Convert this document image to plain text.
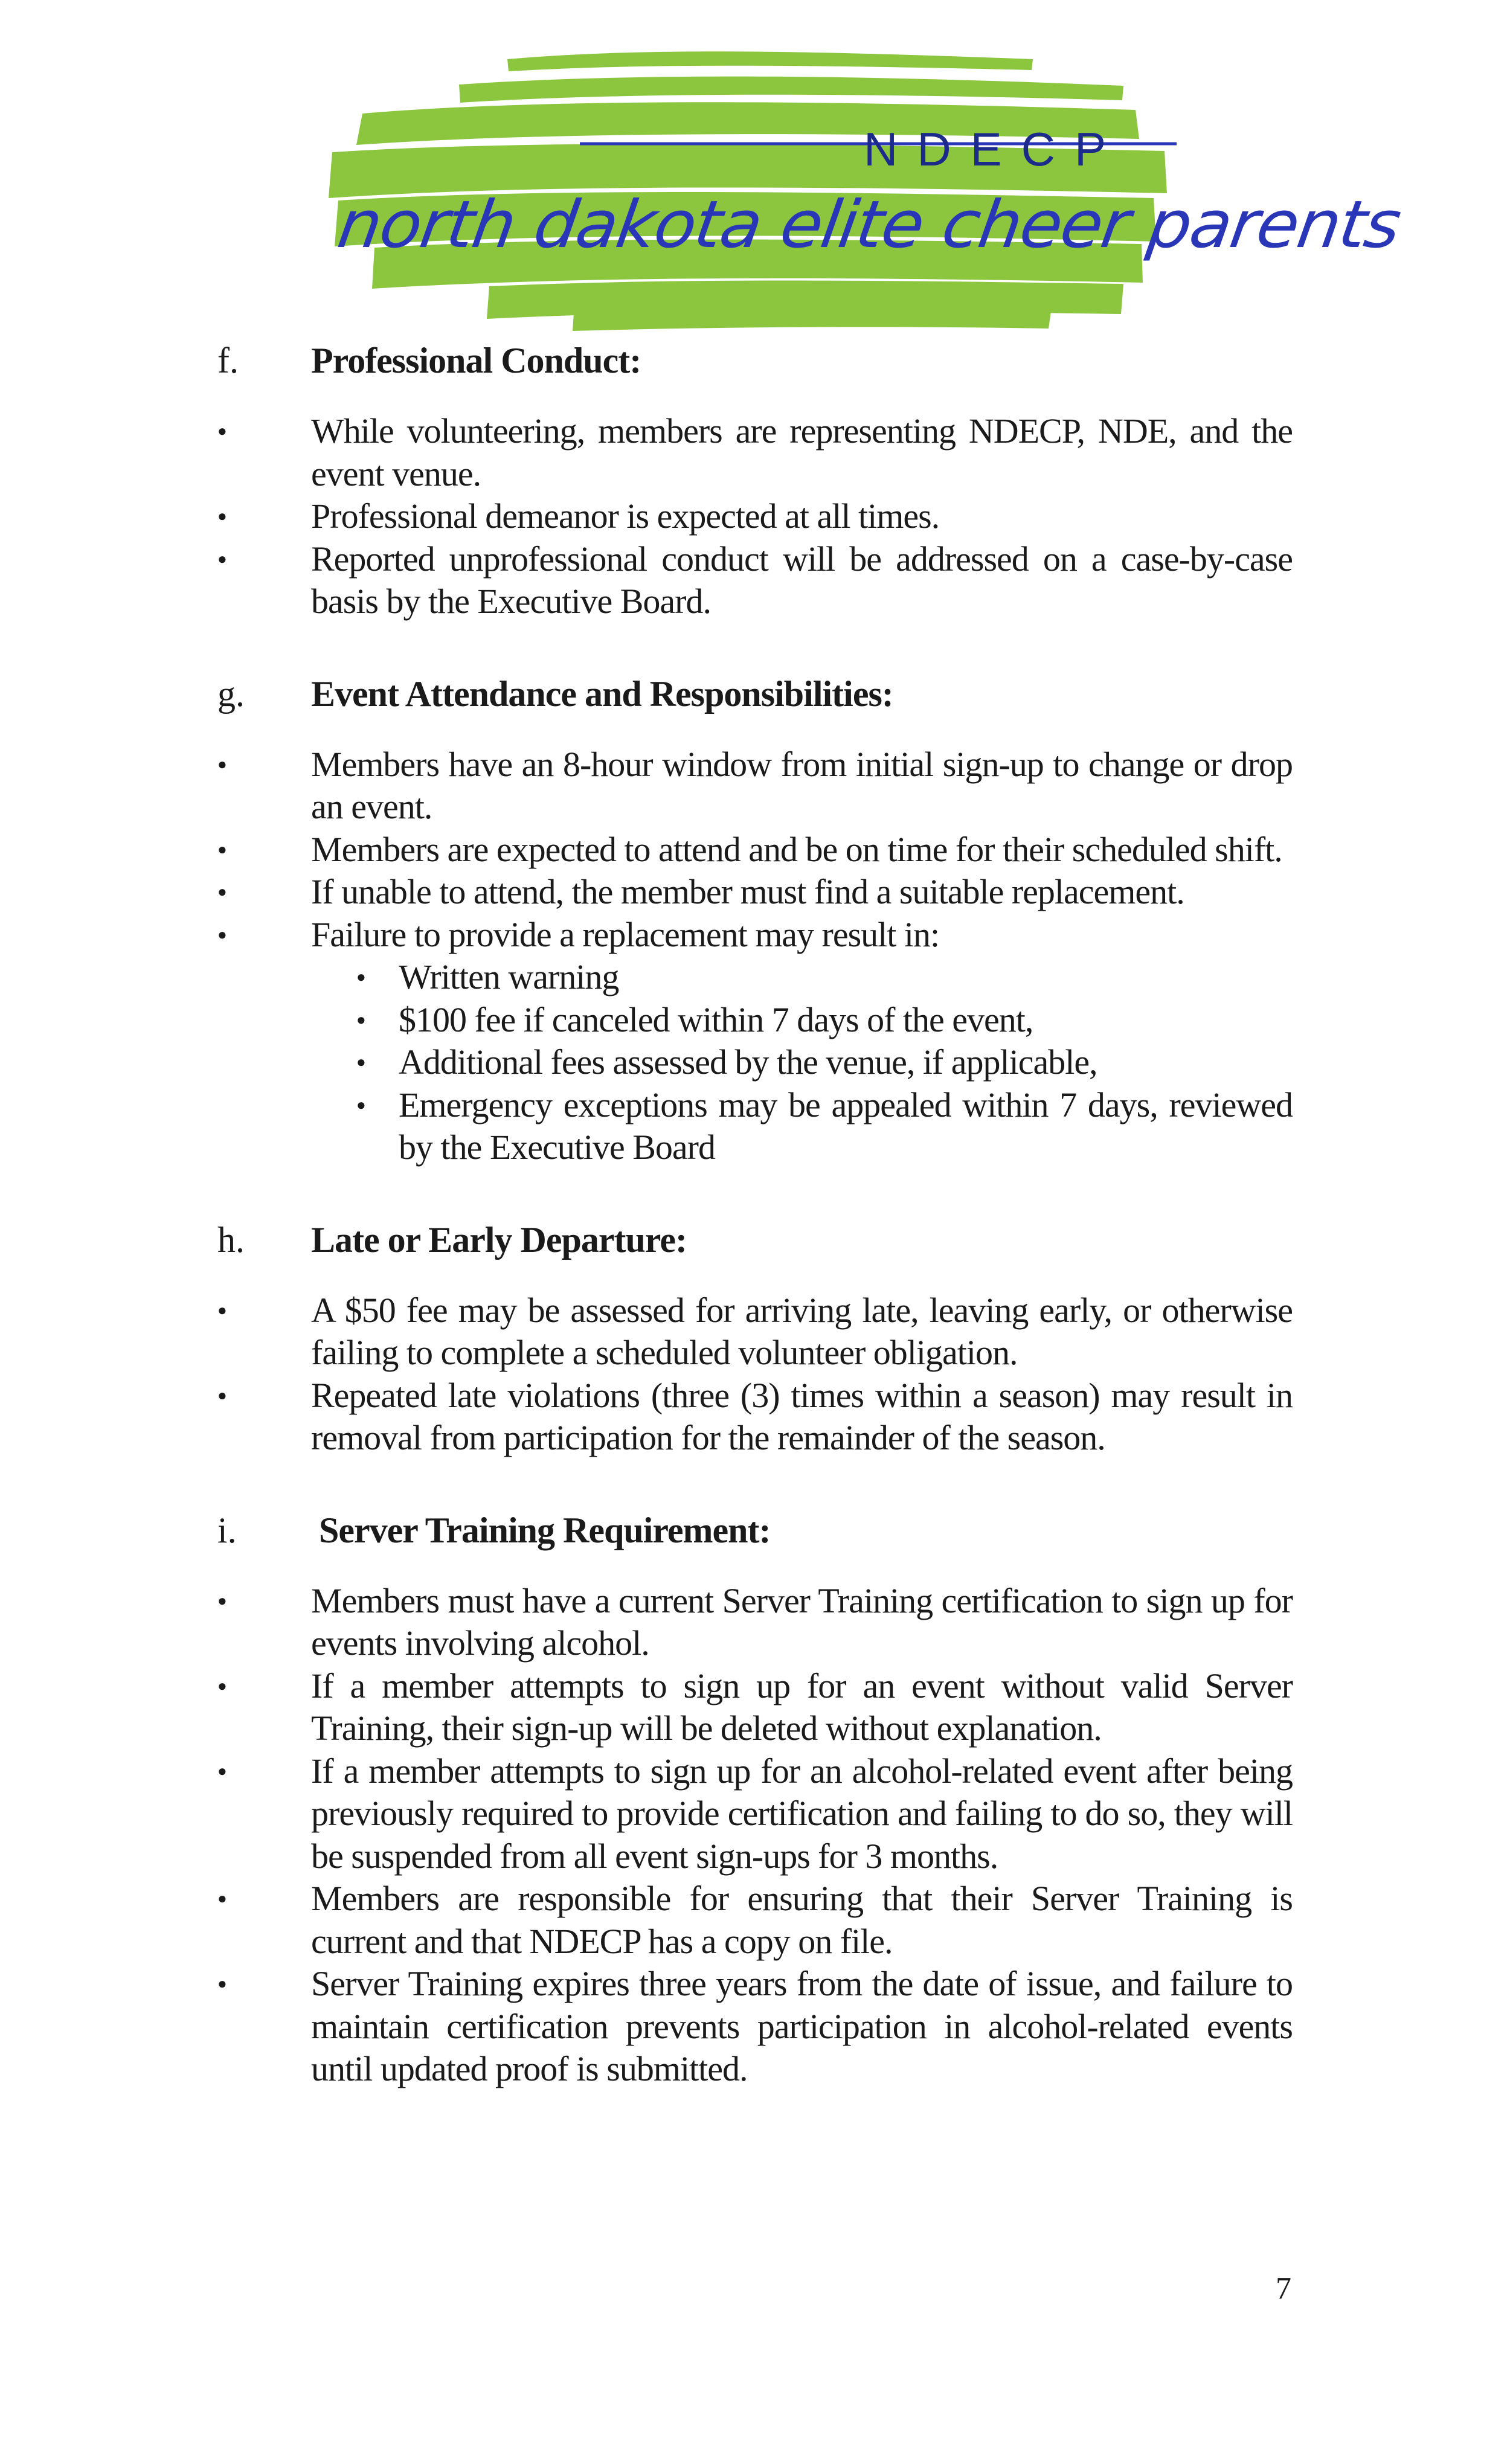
NDECP
north dakota elite cheer parents
f. Professional Conduct:
● While volunteering, members are representing NDECP, NDE, and the event venue.
● Professional demeanor is expected at all times.
● Reported unprofessional conduct will be addressed on a case-by-case basis by the Executive Board.
g. Event Attendance and Responsibilities:
● Members have an 8-hour window from initial sign-up to change or drop an event.
● Members are expected to attend and be on time for their scheduled shift.
● If unable to attend, the member must find a suitable replacement.
● Failure to provide a replacement may result in:
● Written warning
● $100 fee if canceled within 7 days of the event,
● Additional fees assessed by the venue, if applicable,
● Emergency exceptions may be appealed within 7 days, reviewed by the Executive Board
h. Late or Early Departure:
● A $50 fee may be assessed for arriving late, leaving early, or otherwise failing to complete a scheduled volunteer obligation.
● Repeated late violations (three (3) times within a season) may result in removal from participation for the remainder of the season.
i. Server Training Requirement:
● Members must have a current Server Training certification to sign up for events involving alcohol.
● If a member attempts to sign up for an event without valid Server Training, their sign-up will be deleted without explanation.
● If a member attempts to sign up for an alcohol-related event after being previously required to provide certification and failing to do so, they will be suspended from all event sign-ups for 3 months.
● Members are responsible for ensuring that their Server Training is current and that NDECP has a copy on file.
● Server Training expires three years from the date of issue, and failure to maintain certification prevents participation in alcohol-related events until updated proof is submitted.
7
